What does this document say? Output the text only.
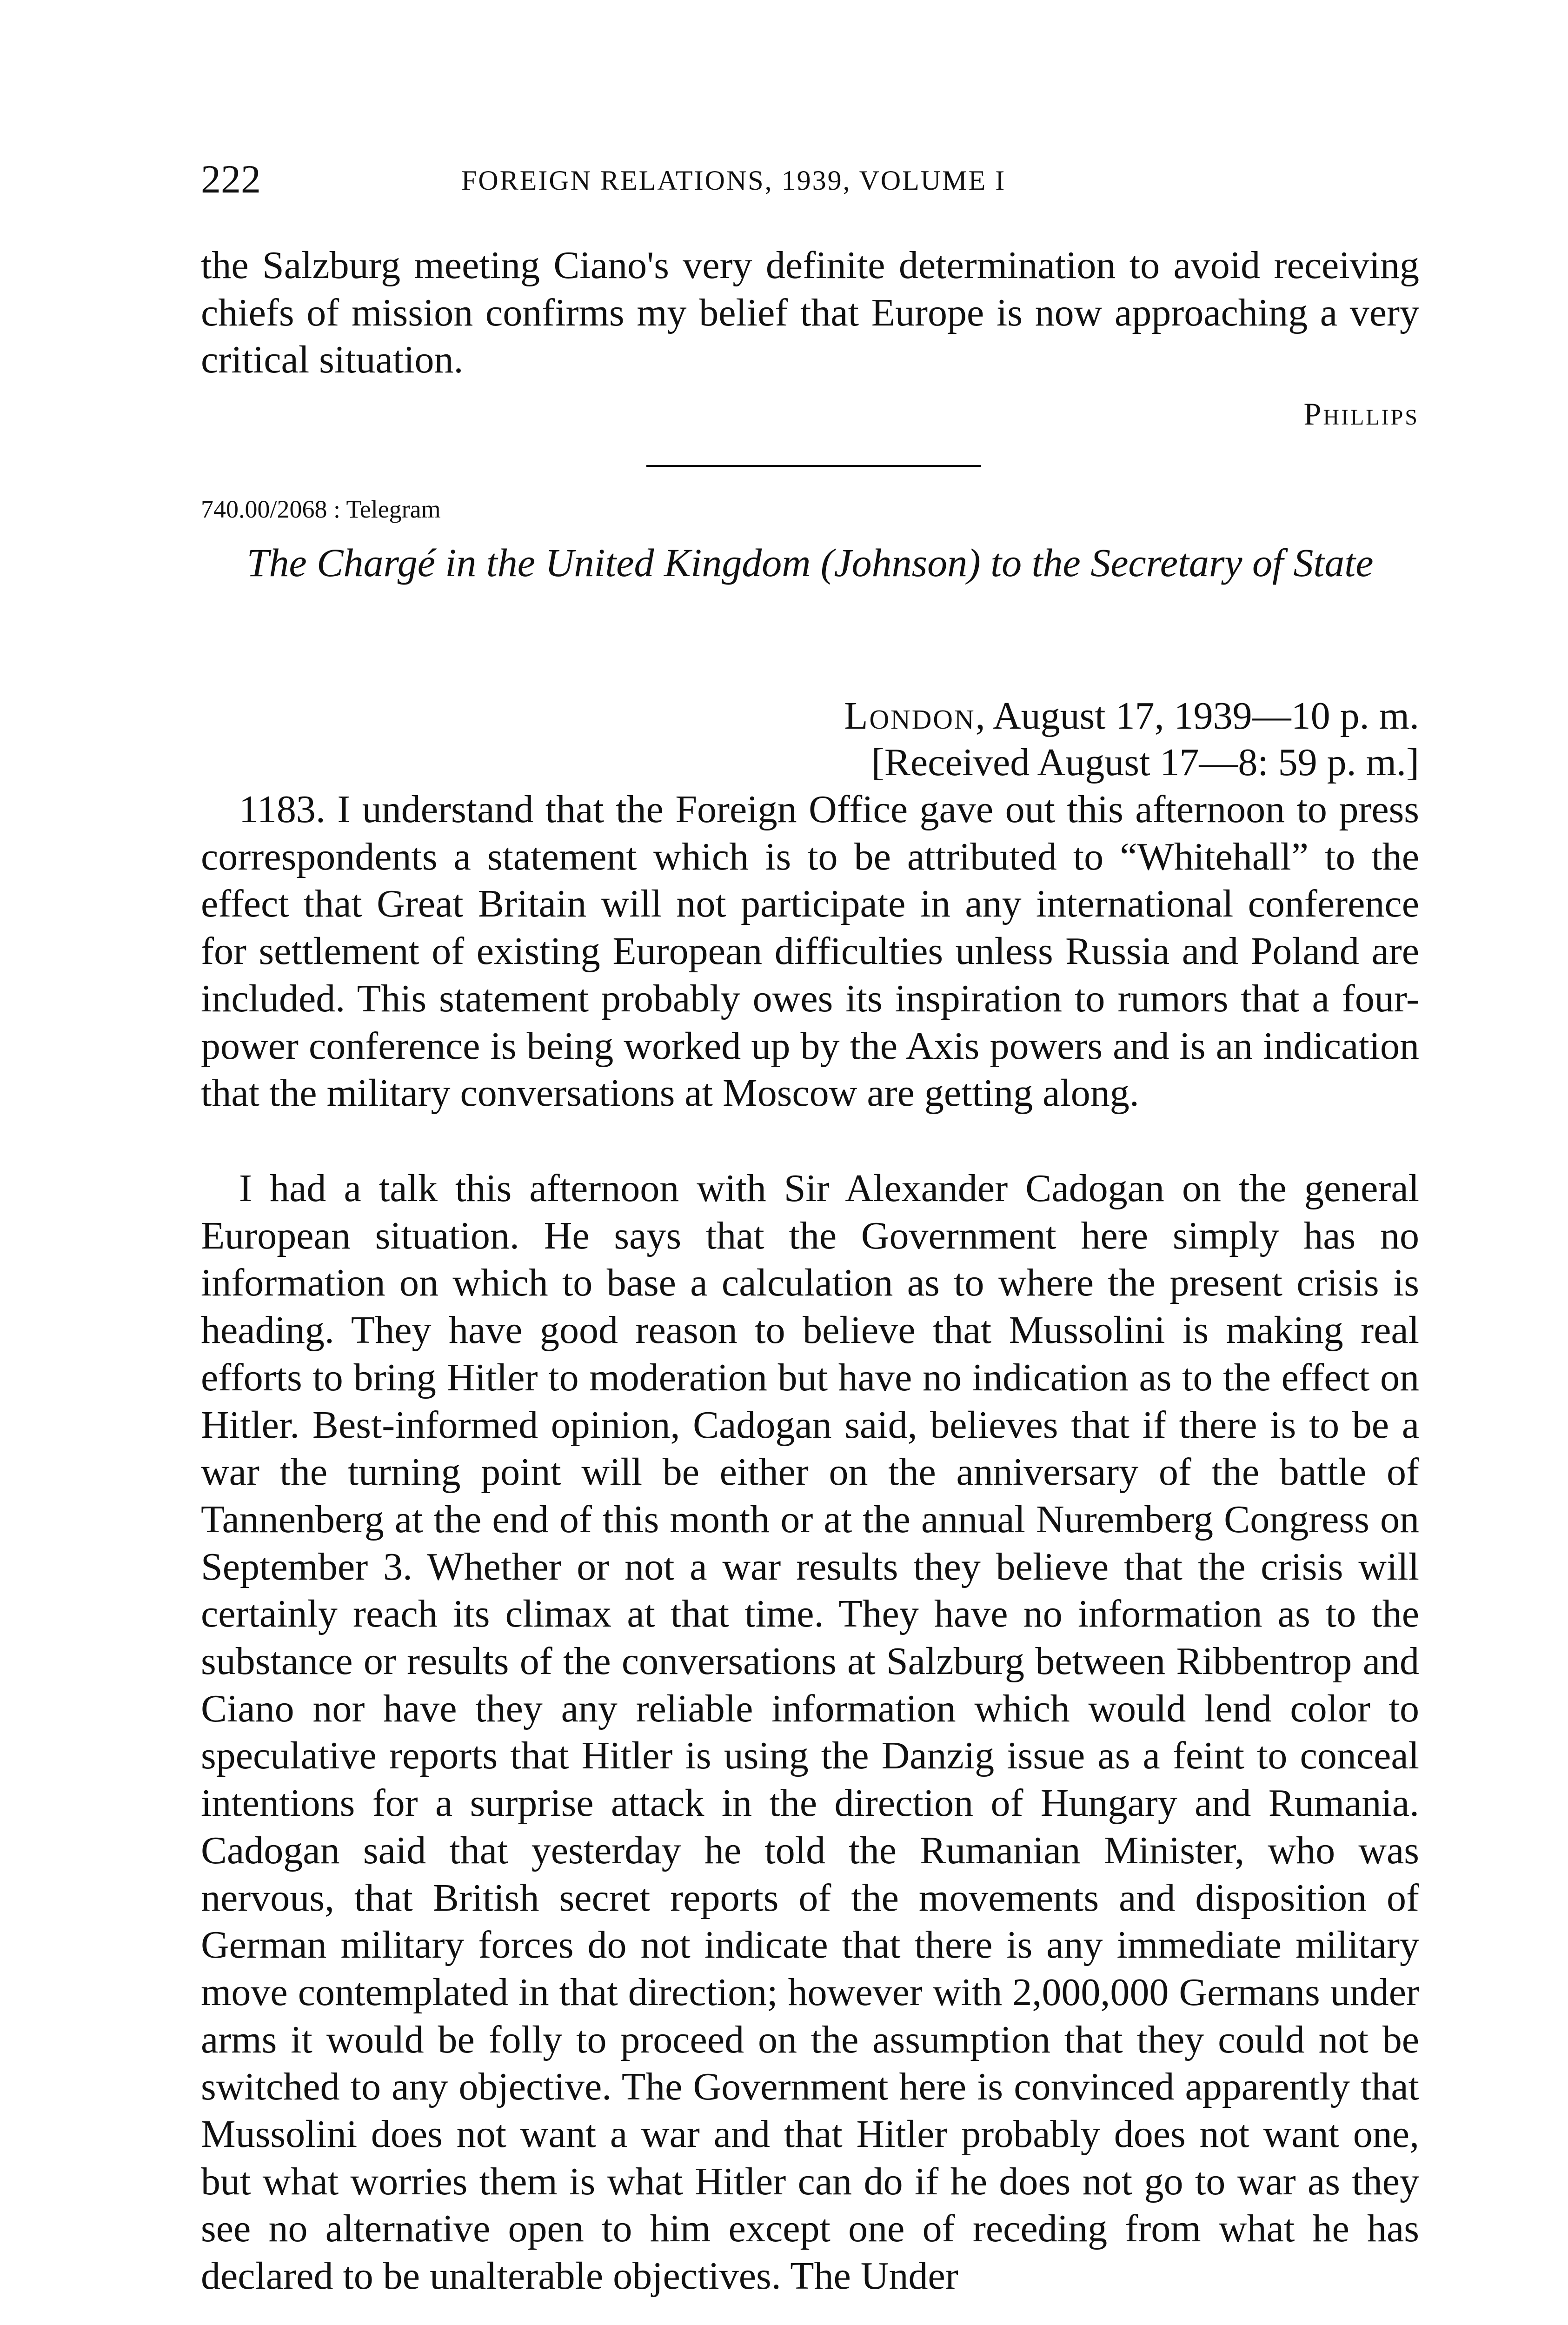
222	FOREIGN RELATIONS, 1939, VOLUME I

the Salzburg meeting Ciano's very definite determination to avoid receiving chiefs of mission confirms my belief that Europe is now approaching a very critical situation.

Phillips
740.00/2068 : Telegram
The Chargé in the United Kingdom (Johnson) to the Secretary of State
London, August 17, 1939—10 p. m.
[Received August 17—8: 59 p. m.]

1183. I understand that the Foreign Office gave out this afternoon to press correspondents a statement which is to be attributed to “Whitehall” to the effect that Great Britain will not participate in any international conference for settlement of existing European difficulties unless Russia and Poland are included. This statement probably owes its inspiration to rumors that a four-power conference is being worked up by the Axis powers and is an indication that the military conversations at Moscow are getting along.

I had a talk this afternoon with Sir Alexander Cadogan on the general European situation. He says that the Government here simply has no information on which to base a calculation as to where the present crisis is heading. They have good reason to believe that Mussolini is making real efforts to bring Hitler to moderation but have no indication as to the effect on Hitler. Best-informed opinion, Cadogan said, believes that if there is to be a war the turning point will be either on the anniversary of the battle of Tannenberg at the end of this month or at the annual Nuremberg Congress on September 3. Whether or not a war results they believe that the crisis will certainly reach its climax at that time. They have no information as to the substance or results of the conversations at Salzburg between Ribbentrop and Ciano nor have they any reliable information which would lend color to speculative reports that Hitler is using the Danzig issue as a feint to conceal intentions for a surprise attack in the direction of Hungary and Rumania. Cadogan said that yesterday he told the Rumanian Minister, who was nervous, that British secret reports of the movements and disposition of German military forces do not indicate that there is any immediate military move contemplated in that direction; however with 2,000,000 Germans under arms it would be folly to proceed on the assumption that they could not be switched to any objective. The Government here is convinced apparently that Mussolini does not want a war and that Hitler probably does not want one, but what worries them is what Hitler can do if he does not go to war as they see no alternative open to him except one of receding from what he has declared to be unalterable objectives. The Under
